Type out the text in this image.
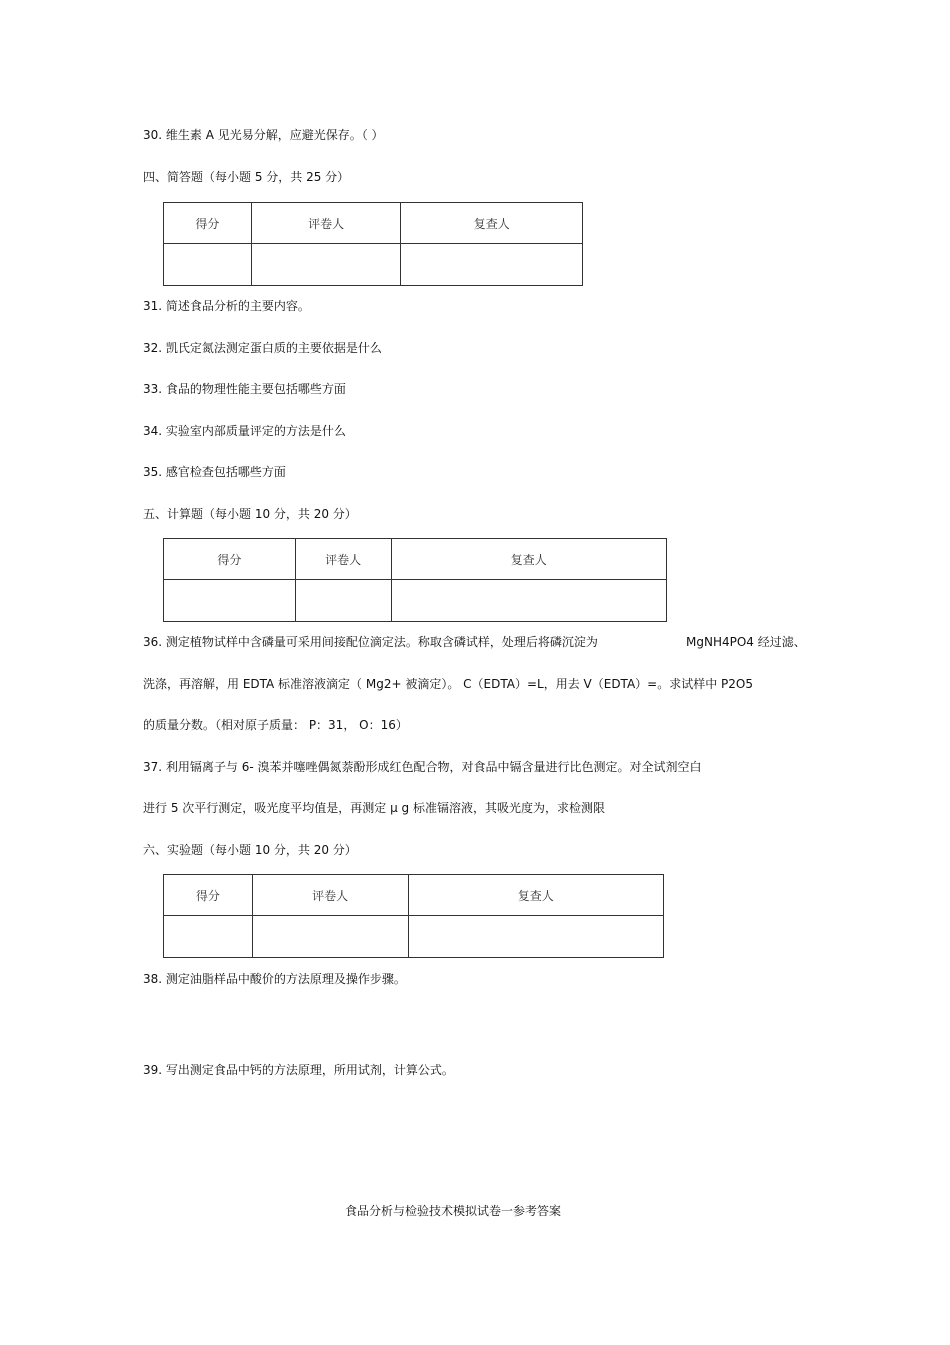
30. 维生素 A 见光易分解，应避光保存。（ ）
四、简答题（每小题 5 分，共 25 分）
得分	评卷人	复查人

31. 简述食品分析的主要内容。
32. 凯氏定氮法测定蛋白质的主要依据是什么
33. 食品的物理性能主要包括哪些方面
34. 实验室内部质量评定的方法是什么
35. 感官检查包括哪些方面
五、计算题（每小题 10 分，共 20 分）
得分	评卷人	复查人

36. 测定植物试样中含磷量可采用间接配位滴定法。称取含磷试样，处理后将磷沉淀为	MgNH4PO4 经过滤、
洗涤，再溶解，用 EDTA 标准溶液滴定（ Mg2+ 被滴定）。 C（EDTA）=L，用去 V（EDTA）=。求试样中 P2O5
的质量分数。（相对原子质量： P：31， O：16）
37. 利用镉离子与 6- 溴苯并噻唑偶氮萘酚形成红色配合物，对食品中镉含量进行比色测定。对全试剂空白
进行 5 次平行测定，吸光度平均值是，再测定 μ g 标准镉溶液，其吸光度为，求检测限
六、实验题（每小题 10 分，共 20 分）
得分	评卷人	复查人

38. 测定油脂样品中酸价的方法原理及操作步骤。
39. 写出测定食品中钙的方法原理，所用试剂，计算公式。
食品分析与检验技术模拟试卷一参考答案
